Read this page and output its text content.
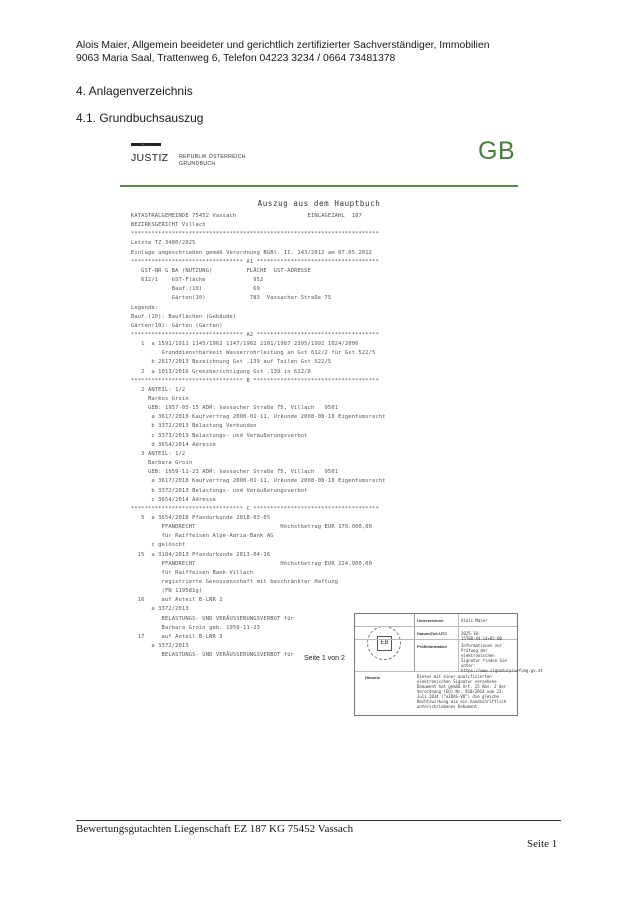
Alois Maier, Allgemein beeideter und gerichtlich zertifizierter Sachverständiger, Immobilien
9063 Maria Saal, Trattenweg 6, Telefon 04223 3234 / 0664 73481378
4. Anlagenverzeichnis
4.1. Grundbuchsauszug
✦
JUSTIZ REPUBLIK ÖSTERREICH
GRUNDBUCH	GB
Auszug aus dem Hauptbuch
KATASTRALGEMEINDE 75452 Vassach                     EINLAGEZAHL  187
BEZIRKSGERICHT Villach
*************************************************************************
Letzte TZ 3480/2025
Einlage umgeschrieben gemäß Verordnung BGBl. II, 143/2012 am 07.05.2012
********************************* A1 ************************************
GST-NR G BA (NUTZUNG)          FLÄCHE  GST-ADRESSE
612/1    GST-Fläche              952
Bauf.(10)               69
Gärten(10)             783  Vassacher Straße 75
Legende:
Bauf.(10): Bauflächen (Gebäude)
Gärten(10): Gärten (Garten)
********************************* A2 ************************************
1  a 1591/1911 1145/1962 1147/1962 2101/1987 2395/1992 1024/2006
Grunddienstbarkeit Wasserrohrleitung an Gst 612/2 für Gst 522/5
b 2617/2013 Bezeichnung Gst .139 auf Teilen Gst 522/5
2  a 1013/2016 Grenzberichtigung Gst .139 in 612/8
********************************* B *************************************
2 ANTEIL: 1/2
Markus Groin
GEB: 1957-05-15 ADR: Vassacher Straße 75, Villach   9501
a 3617/2018 Kaufvertrag 2008-01-11, Urkunde 2008-08-18 Eigentumsrecht
b 3372/2013 Belastung Verbunden
c 3373/2013 Belastungs- und Veräußerungsverbot
d 3654/2014 Adresse
3 ANTEIL: 1/2
Barbara Groin
GEB: 1959-11-23 ADR: Vassacher Straße 75, Villach   9501
a 3617/2018 Kaufvertrag 2008-01-11, Urkunde 2008-08-18 Eigentumsrecht
b 3372/2013 Belastungs- und Veräußerungsverbot
c 3654/2014 Adresse
********************************* C *************************************
5  a 3654/2018 Pfandurkunde 2018-03-05
PFANDRECHT                         Höchstbetrag EUR 170.000,00
für Raiffeisen Alpe-Adria-Bank AG
c gelöscht
15  a 3184/2013 Pfandurkunde 2013-04-16
PFANDRECHT                         Höchstbetrag EUR 224.900,00
für Raiffeisen Bank Villach
registrierte Genossenschaft mit beschränkter Haftung
(FN 119581g)
16     auf Anteil B-LNR 2
a 3372/2013
BELASTUNGS- UND VERÄUSSERUNGSVERBOT für
Barbara Groin geb. 1959-11-23
17     auf Anteil B-LNR 3
a 3372/2013
BELASTUNGS- UND VERÄUSSERUNGSVERBOT für Seite 1 von 2
EB
Unterzeichner	Alois Maier
Datum/Zeit-UTC	2025-10-15T08:44:14+02:00
Prüfinformation	Informationen zur Prüfung der elektronischen Signatur finden Sie unter: https://www.signaturpruefung.gv.at
Hinweis	Dieses mit einer qualifizierten elektronischen Signatur versehene Dokument hat gemäß Art. 25 Abs. 2 der Verordnung (EU) Nr. 910/2014 vom 23. Juli 2014 ("eIDAS-VO") die gleiche Rechtswirkung wie ein handschriftlich unterschriebenes Dokument.
Bewertungsgutachten Liegenschaft EZ 187 KG 75452 Vassach
Seite 1
